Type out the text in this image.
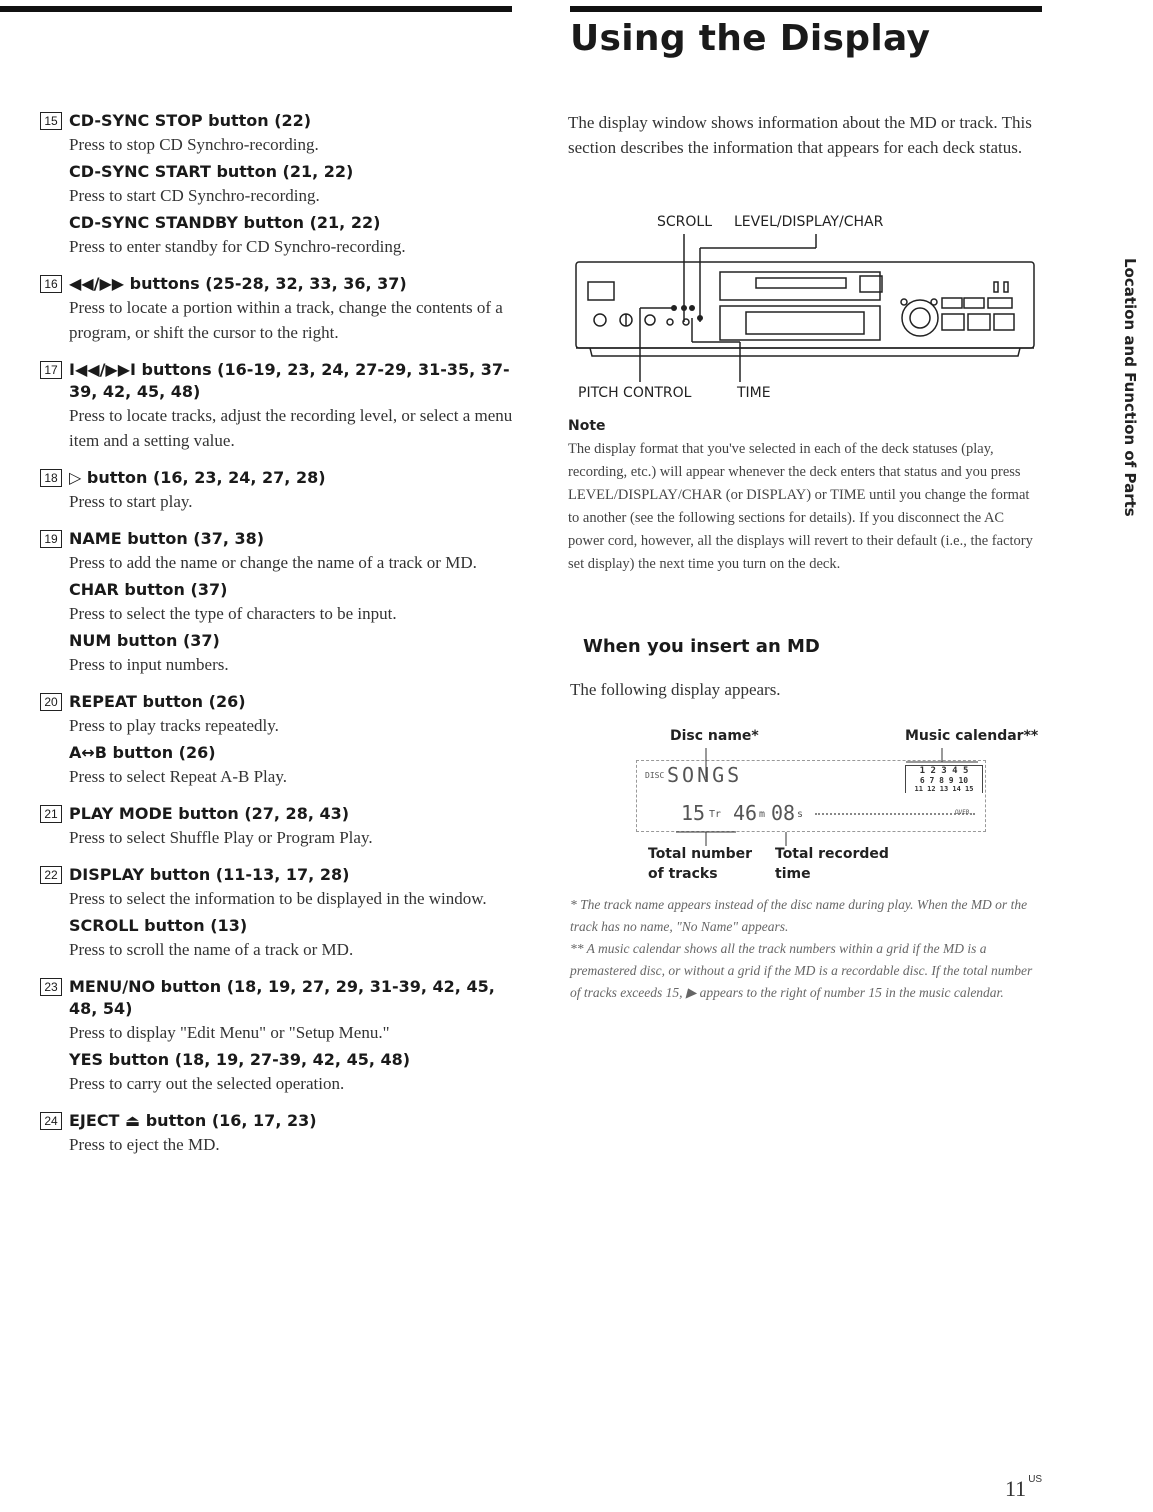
Using the Display
15 CD-SYNC STOP button (22)
Press to stop CD Synchro-recording.
CD-SYNC START button (21, 22)
Press to start CD Synchro-recording.
CD-SYNC STANDBY button (21, 22)
Press to enter standby for CD Synchro-recording.
16 ◀◀/▶▶ buttons (25-28, 32, 33, 36, 37)
Press to locate a portion within a track, change the contents of a program, or shift the cursor to the right.
17 I◀◀/▶▶I buttons (16-19, 23, 24, 27-29, 31-35, 37-39, 42, 45, 48)
Press to locate tracks, adjust the recording level, or select a menu item and a setting value.
18 ▷ button (16, 23, 24, 27, 28)
Press to start play.
19 NAME button (37, 38)
Press to add the name or change the name of a track or MD.
CHAR button (37)
Press to select the type of characters to be input.
NUM button (37)
Press to input numbers.
20 REPEAT button (26)
Press to play tracks repeatedly.
A↔B button (26)
Press to select Repeat A-B Play.
21 PLAY MODE button (27, 28, 43)
Press to select Shuffle Play or Program Play.
22 DISPLAY button (11-13, 17, 28)
Press to select the information to be displayed in the window.
SCROLL button (13)
Press to scroll the name of a track or MD.
23 MENU/NO button (18, 19, 27, 29, 31-39, 42, 45, 48, 54)
Press to display "Edit Menu" or "Setup Menu."
YES button (18, 19, 27-39, 42, 45, 48)
Press to carry out the selected operation.
24 EJECT ⏏ button (16, 17, 23)
Press to eject the MD.
The display window shows information about the MD or track. This section describes the information that appears for each deck status.
SCROLL LEVEL/DISPLAY/CHAR
PITCH CONTROL	TIME
Note
The display format that you've selected in each of the deck statuses (play, recording, etc.) will appear whenever the deck enters that status and you press LEVEL/DISPLAY/CHAR (or DISPLAY) or TIME until you change the format to another (see the following sections for details). If you disconnect the AC power cord, however, all the displays will revert to their default (i.e., the factory set display) the next time you turn on the deck.
When you insert an MD
The following display appears.
Disc name*	Music calendar**
DISC SONGS
15 Tr 46 m 08 s	OVER
1 2 3 4 5
6 7 8 9 10
11 12 13 14 15
Total number
of tracks
Total recorded
time
* The track name appears instead of the disc name during play. When the MD or the track has no name, "No Name" appears.
** A music calendar shows all the track numbers within a grid if the MD is a premastered disc, or without a grid if the MD is a recordable disc. If the total number of tracks exceeds 15, ▶ appears to the right of number 15 in the music calendar.
Location and Function of Parts
11 $^{US}$
